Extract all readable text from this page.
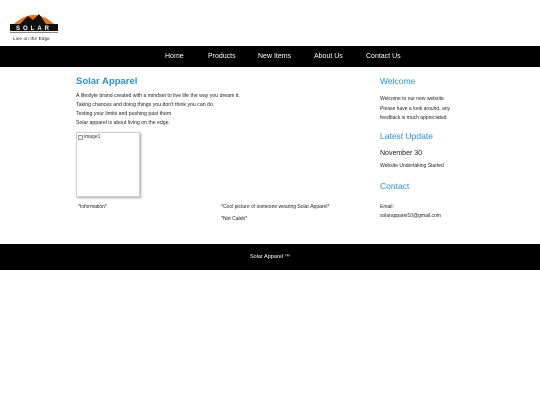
SOLAR
Live on the Edge
Home	Products	New Items	About Us	Contact Us
Solar Apparel
A lifestyle brand created with a mindset to live life the way you dream it.
Taking chances and doing things you don't think you can do.
Testing your limits and pushing past them.
Solar apparel is about living on the edge.
image1
*Information*	*Cool picture of someone wearing Solar Apparel*
*Not Caleb*
Welcome
Welcome to our new website.
Please have a look around, any
feedback is much appreciated.
Latest Update
November 30
Website Undertaking Started
Contact
Email:
solarapparel10@gmail.com
Solar Apparel ™
